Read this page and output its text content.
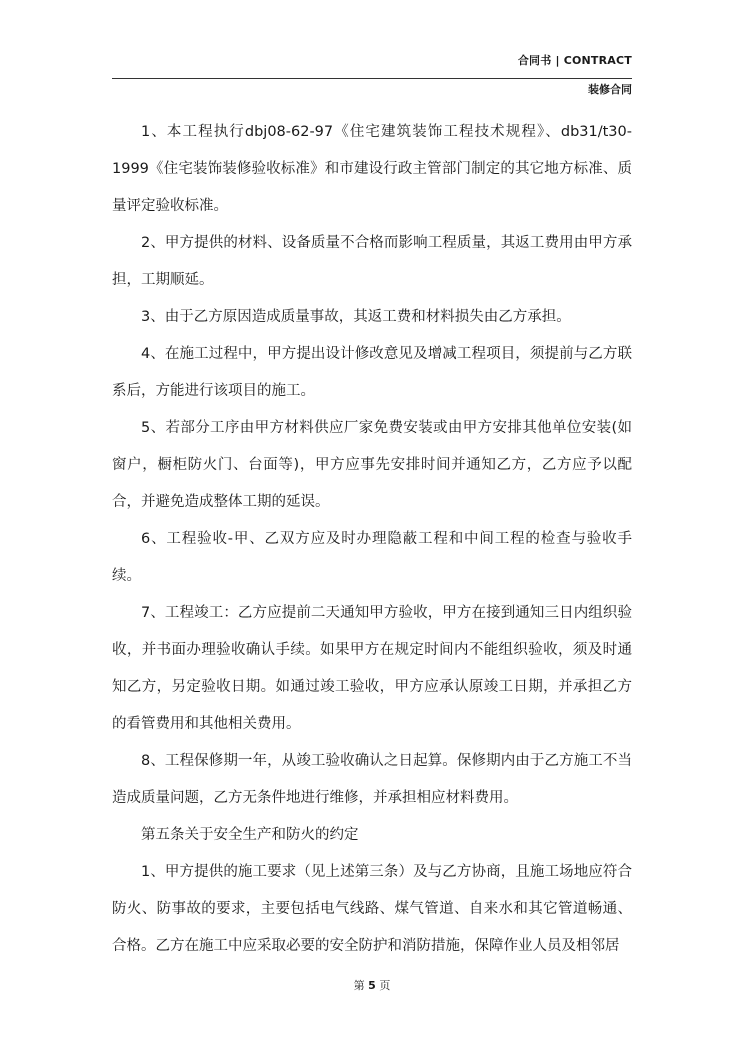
合同书 | CONTRACT
装修合同

1、本工程执行dbj08-62-97《住宅建筑装饰工程技术规程》、db31/t30-1999《住宅装饰装修验收标准》和市建设行政主管部门制定的其它地方标准、质量评定验收标准。

2、甲方提供的材料、设备质量不合格而影响工程质量，其返工费用由甲方承担，工期顺延。

3、由于乙方原因造成质量事故，其返工费和材料损失由乙方承担。

4、在施工过程中，甲方提出设计修改意见及增减工程项目，须提前与乙方联系后，方能进行该项目的施工。

5、若部分工序由甲方材料供应厂家免费安装或由甲方安排其他单位安装(如窗户，橱柜防火门、台面等)，甲方应事先安排时间并通知乙方，乙方应予以配合，并避免造成整体工期的延误。

6、工程验收-甲、乙双方应及时办理隐蔽工程和中间工程的检查与验收手续。

7、工程竣工：乙方应提前二天通知甲方验收，甲方在接到通知三日内组织验收，并书面办理验收确认手续。如果甲方在规定时间内不能组织验收，须及时通知乙方，另定验收日期。如通过竣工验收，甲方应承认原竣工日期，并承担乙方的看管费用和其他相关费用。

8、工程保修期一年，从竣工验收确认之日起算。保修期内由于乙方施工不当造成质量问题，乙方无条件地进行维修，并承担相应材料费用。

第五条关于安全生产和防火的约定

1、甲方提供的施工要求（见上述第三条）及与乙方协商，且施工场地应符合防火、防事故的要求，主要包括电气线路、煤气管道、自来水和其它管道畅通、合格。乙方在施工中应采取必要的安全防护和消防措施，保障作业人员及相邻居

第 5 页
